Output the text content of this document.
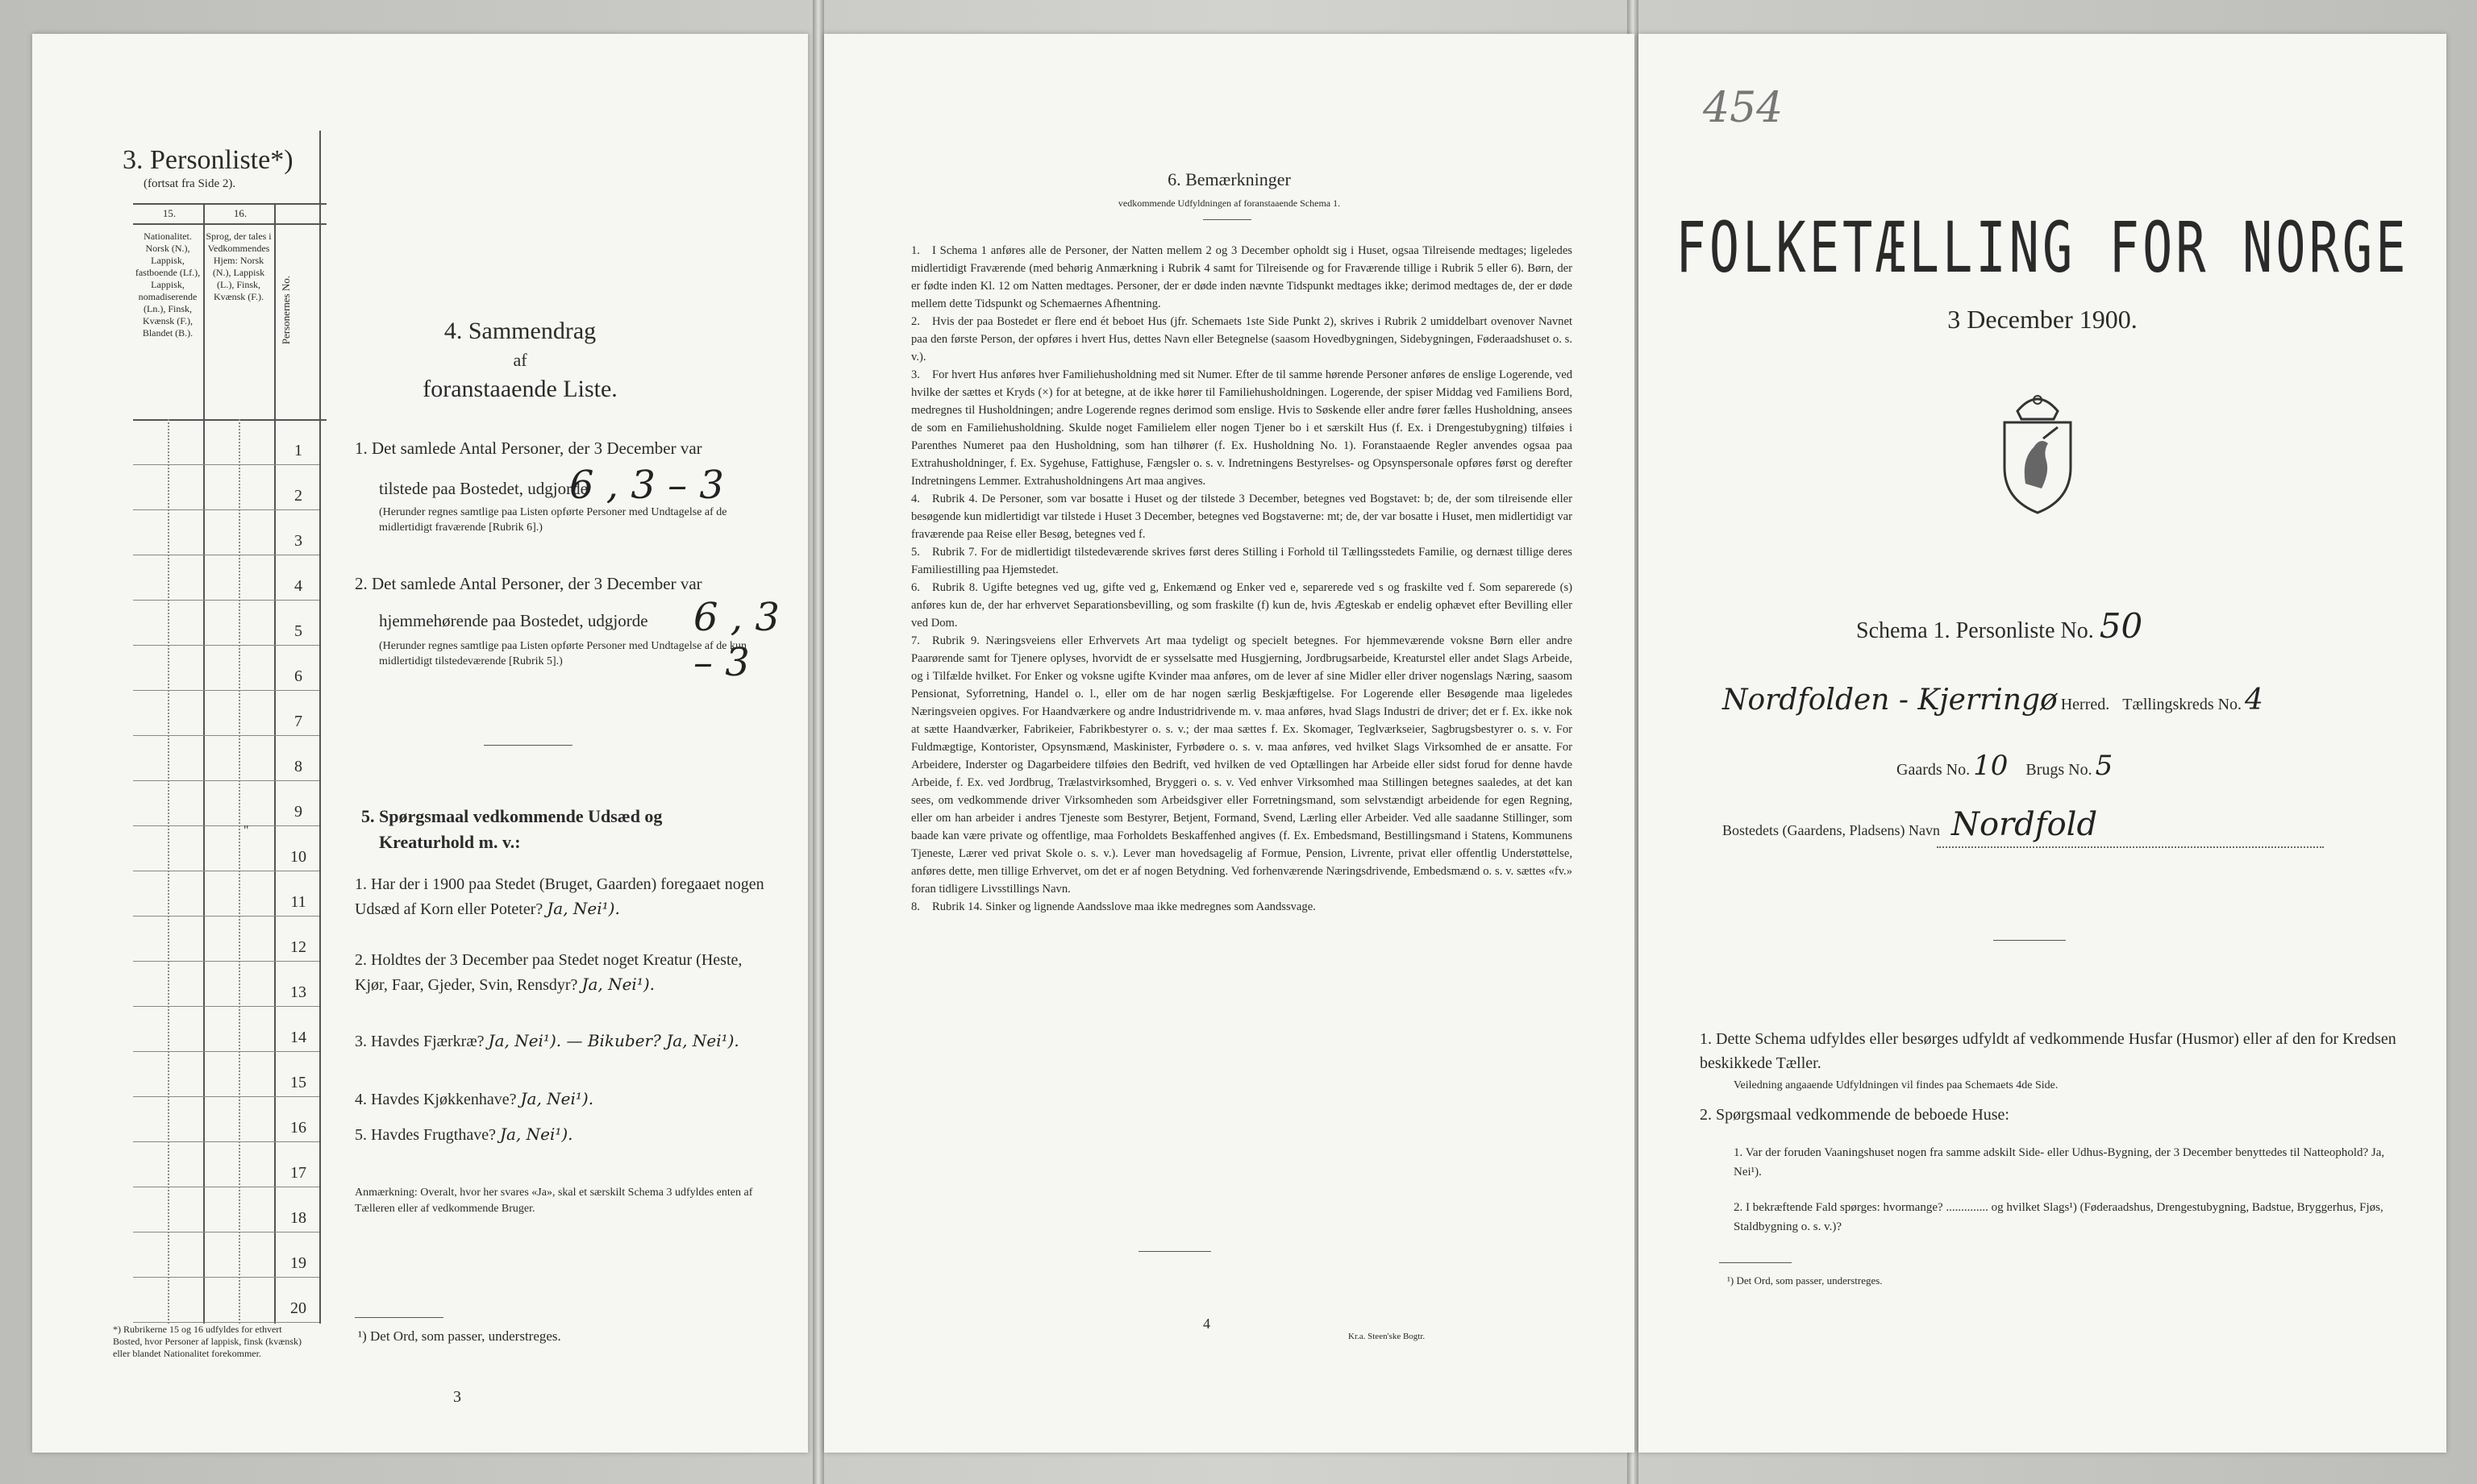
3. Personliste*)
(fortsat fra Side 2).
15.	16.
Nationalitet. Norsk (N.), Lappisk, fastboende (Lf.), Lappisk, nomadiserende (Ln.), Finsk, Kvænsk (F.), Blandet (B.).
Sprog, der tales i Vedkommendes Hjem: Norsk (N.), Lappisk (L.), Finsk, Kvænsk (F.).	Personernes No.
1
2
3
4
5
6
7
8
9
10
11
12
13
14
15
16
17
18
19
20
"
*) Rubrikerne 15 og 16 udfyldes for ethvert Bosted, hvor Personer af lappisk, finsk (kvænsk) eller blandet Nationalitet forekommer.
4. Sammendrag
af
foranstaaende Liste.
1. Det samlede Antal Personer, der 3 December var
tilstede paa Bostedet, udgjorde
6 , 3 – 3
(Herunder regnes samtlige paa Listen opførte Personer med Undtagelse af de midlertidigt fraværende [Rubrik 6].)
2. Det samlede Antal Personer, der 3 December var
hjemmehørende paa Bostedet, udgjorde 6 , 3 – 3
(Herunder regnes samtlige paa Listen opførte Personer med Undtagelse af de kun midlertidigt tilstedeværende [Rubrik 5].)
5. Spørgsmaal vedkommende Udsæd og
Kreaturhold m. v.:
1. Har der i 1900 paa Stedet (Bruget, Gaarden) foregaaet nogen Udsæd af Korn eller Poteter? Ja, Nei¹).
2. Holdtes der 3 December paa Stedet noget Kreatur (Heste, Kjør, Faar, Gjeder, Svin, Rensdyr? Ja, Nei¹).
3. Havdes Fjærkræ? Ja, Nei¹). — Bikuber? Ja, Nei¹).
4. Havdes Kjøkkenhave? Ja, Nei¹).
5. Havdes Frugthave? Ja, Nei¹).
Anmærkning: Overalt, hvor her svares «Ja», skal et særskilt Schema 3 udfyldes enten af Tælleren eller af vedkommende Bruger.
¹) Det Ord, som passer, understreges.
3
6. Bemærkninger
vedkommende Udfyldningen af foranstaaende Schema 1.

1. I Schema 1 anføres alle de Personer, der Natten mellem 2 og 3 December opholdt sig i Huset, ogsaa Tilreisende medtages; ligeledes midlertidigt Fraværende (med behørig Anmærkning i Rubrik 4 samt for Tilreisende og for Fraværende tillige i Rubrik 5 eller 6). Børn, der er fødte inden Kl. 12 om Natten medtages. Personer, der er døde inden nævnte Tidspunkt medtages ikke; derimod medtages de, der er døde mellem dette Tidspunkt og Schemaernes Afhentning.

2. Hvis der paa Bostedet er flere end ét beboet Hus (jfr. Schemaets 1ste Side Punkt 2), skrives i Rubrik 2 umiddelbart ovenover Navnet paa den første Person, der opføres i hvert Hus, dettes Navn eller Betegnelse (saasom Hovedbygningen, Sidebygningen, Føderaadshuset o. s. v.).

3. For hvert Hus anføres hver Familiehusholdning med sit Numer. Efter de til samme hørende Personer anføres de enslige Logerende, ved hvilke der sættes et Kryds (×) for at betegne, at de ikke hører til Familiehusholdningen. Logerende, der spiser Middag ved Familiens Bord, medregnes til Husholdningen; andre Logerende regnes derimod som enslige. Hvis to Søskende eller andre fører fælles Husholdning, ansees de som en Familiehusholdning. Skulde noget Familielem eller nogen Tjener bo i et særskilt Hus (f. Ex. i Drengestubygning) tilføies i Parenthes Numeret paa den Husholdning, som han tilhører (f. Ex. Husholdning No. 1). Foranstaaende Regler anvendes ogsaa paa Extrahusholdninger, f. Ex. Sygehuse, Fattighuse, Fængsler o. s. v. Indretningens Bestyrelses- og Opsynspersonale opføres først og derefter Indretningens Lemmer. Extrahusholdningens Art maa angives.

4. Rubrik 4. De Personer, som var bosatte i Huset og der tilstede 3 December, betegnes ved Bogstavet: b; de, der som tilreisende eller besøgende kun midlertidigt var tilstede i Huset 3 December, betegnes ved Bogstaverne: mt; de, der var bosatte i Huset, men midlertidigt var fraværende paa Reise eller Besøg, betegnes ved f.

5. Rubrik 7. For de midlertidigt tilstedeværende skrives først deres Stilling i Forhold til Tællingsstedets Familie, og dernæst tillige deres Familiestilling paa Hjemstedet.

6. Rubrik 8. Ugifte betegnes ved ug, gifte ved g, Enkemænd og Enker ved e, separerede ved s og fraskilte ved f. Som separerede (s) anføres kun de, der har erhvervet Separationsbevilling, og som fraskilte (f) kun de, hvis Ægteskab er endelig ophævet efter Bevilling eller ved Dom.

7. Rubrik 9. Næringsveiens eller Erhvervets Art maa tydeligt og specielt betegnes. For hjemmeværende voksne Børn eller andre Paarørende samt for Tjenere oplyses, hvorvidt de er sysselsatte med Husgjerning, Jordbrugsarbeide, Kreaturstel eller andet Slags Arbeide, og i Tilfælde hvilket. For Enker og voksne ugifte Kvinder maa anføres, om de lever af sine Midler eller driver nogenslags Næring, saasom Pensionat, Syforretning, Handel o. l., eller om de har nogen særlig Beskjæftigelse. For Logerende eller Besøgende maa ligeledes Næringsveien opgives. For Haandværkere og andre Industridrivende m. v. maa anføres, hvad Slags Industri de driver; det er f. Ex. ikke nok at sætte Haandværker, Fabrikeier, Fabrikbestyrer o. s. v.; der maa sættes f. Ex. Skomager, Teglværkseier, Sagbrugsbestyrer o. s. v. For Fuldmægtige, Kontorister, Opsynsmænd, Maskinister, Fyrbødere o. s. v. maa anføres, ved hvilket Slags Virksomhed de er ansatte. For Arbeidere, Inderster og Dagarbeidere tilføies den Bedrift, ved hvilken de ved Optællingen har Arbeide eller sidst forud for denne havde Arbeide, f. Ex. ved Jordbrug, Trælastvirksomhed, Bryggeri o. s. v. Ved enhver Virksomhed maa Stillingen betegnes saaledes, at det kan sees, om vedkommende driver Virksomheden som Arbeidsgiver eller Forretningsmand, som selvstændigt arbeidende for egen Regning, eller om han arbeider i andres Tjeneste som Bestyrer, Betjent, Formand, Svend, Lærling eller Arbeider. Ved alle saadanne Stillinger, som baade kan være private og offentlige, maa Forholdets Beskaffenhed angives (f. Ex. Embedsmand, Bestillingsmand i Statens, Kommunens Tjeneste, Lærer ved privat Skole o. s. v.). Lever man hovedsagelig af Formue, Pension, Livrente, privat eller offentlig Understøttelse, anføres dette, men tillige Erhvervet, om det er af nogen Betydning. Ved forhenværende Næringsdrivende, Embedsmænd o. s. v. sættes «fv.» foran tidligere Livsstillings Navn.

8. Rubrik 14. Sinker og lignende Aandsslove maa ikke medregnes som Aandssvage.

4
Kr.a. Steen'ske Bogtr.
454
FOLKETÆLLING FOR NORGE
3 December 1900.
Schema 1. Personliste No. 50
Nordfolden - Kjerringø Herred. Tællingskreds No. 4
Gaards No. 10 Brugs No. 5
Bostedets (Gaardens, Pladsens) Navn Nordfold
1. Dette Schema udfyldes eller besørges udfyldt af vedkommende Husfar (Husmor) eller af den for Kredsen beskikkede Tæller.
Veiledning angaaende Udfyldningen vil findes paa Schemaets 4de Side.
2. Spørgsmaal vedkommende de beboede Huse:
1. Var der foruden Vaaningshuset nogen fra samme adskilt Side- eller Udhus-Bygning, der 3 December benyttedes til Natteophold? Ja, Nei¹).
2. I bekræftende Fald spørges: hvormange? .............. og hvilket Slags¹) (Føderaadshus, Drengestubygning, Badstue, Bryggerhus, Fjøs, Staldbygning o. s. v.)?
¹) Det Ord, som passer, understreges.
